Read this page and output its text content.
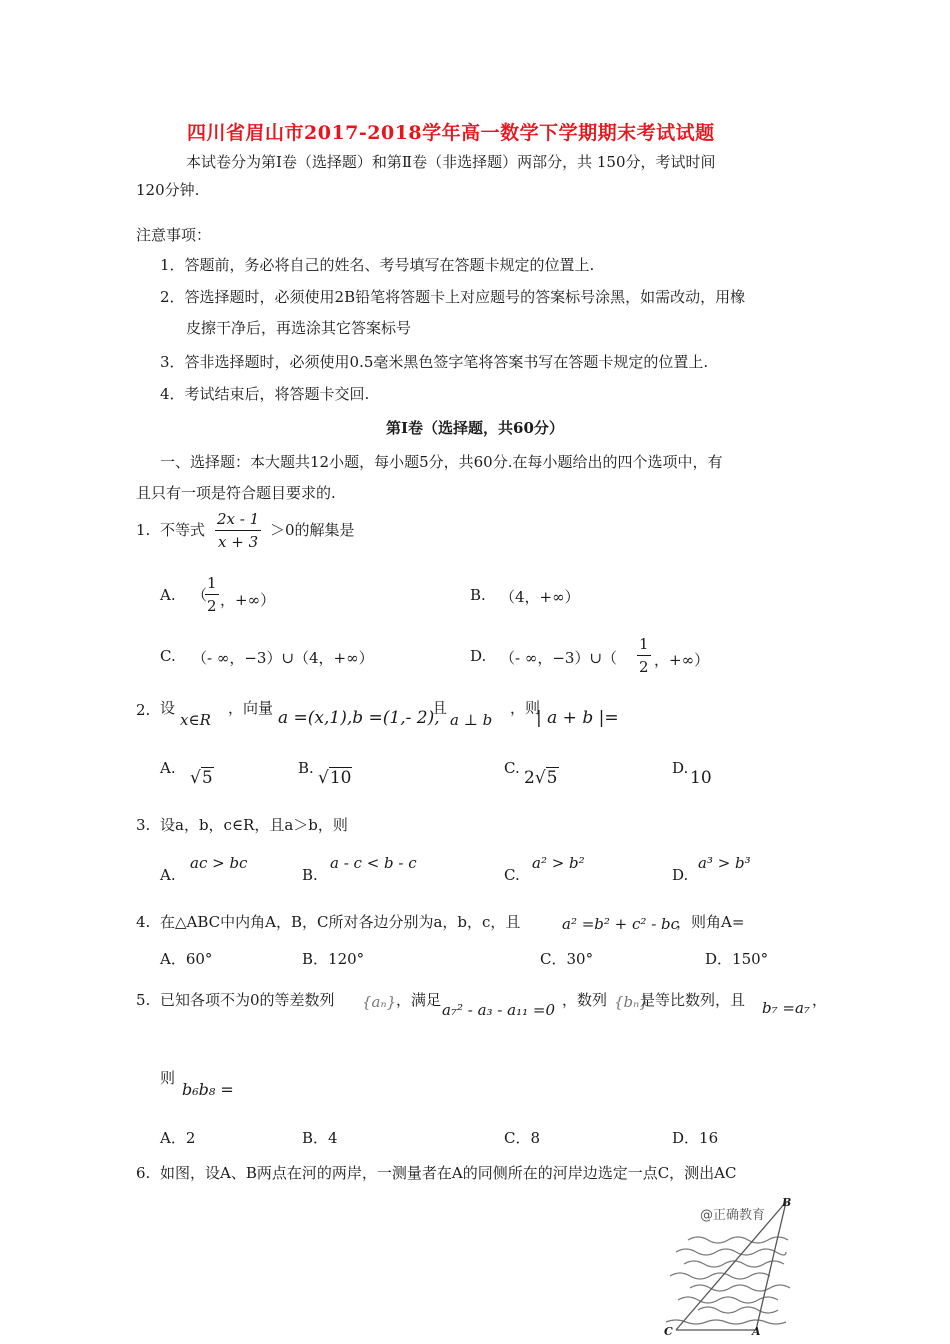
四川省眉山市2017-2018学年高一数学下学期期末考试试题
本试卷分为第Ⅰ卷（选择题）和第Ⅱ卷（非选择题）两部分，共 150分，考试时间
120分钟.
注意事项：
1．答题前，务必将自己的姓名、考号填写在答题卡规定的位置上.
2．答选择题时，必须使用2B铅笔将答题卡上对应题号的答案标号涂黑，如需改动，用橡
皮擦干净后，再选涂其它答案标号
3．答非选择题时，必须使用0.5毫米黑色签字笔将答案书写在答题卡规定的位置上.
4．考试结束后，将答题卡交回.
第Ⅰ卷（选择题，共60分）
一、选择题：本大题共12小题，每小题5分，共60分.在每小题给出的四个选项中，有
且只有一项是符合题目要求的.
1. 不等式 $\frac{2x - 1}{x + 3} >0$的解集是
A. （
$\frac{1}{2}$ ，+∞）	B. （4，+∞）
C. （- ∞，−3）∪（4，+∞）	D. （- ∞，−3）∪（ $\frac{1}{2}$ ，+∞）
2. 设
x∈R
，向量 a =(x,1),b =(1,- 2),
且
a ⊥ b
，则
| a + b |=
A. √5	B. √10	C. 2√5	D. 10
3. 设a，b，c∈R，且a＞b，则
A.
ac > bc
B.
a - c < b - c
C.
a² > b²
D.
a³ > b³
4. 在△ABC中内角A，B，C所对各边分别为a，b，c，且	a² =b² + c² - bc
，则角A=
A．60°	B．120°	C．30°	D．150°
5. 已知各项不为0的等差数列 {aₙ} ，满足
a₇² - a₃ - a₁₁ =0
，数列 {bₙ}
是等比数列，且 b₇ =a₇ ，
则
b₆b₈ =
A．2	B．4	C．8	D．16
6. 如图，设A、B两点在河的两岸，一测量者在A的同侧所在的河岸边选定一点C，测出AC
@正确教育
B
C	A
